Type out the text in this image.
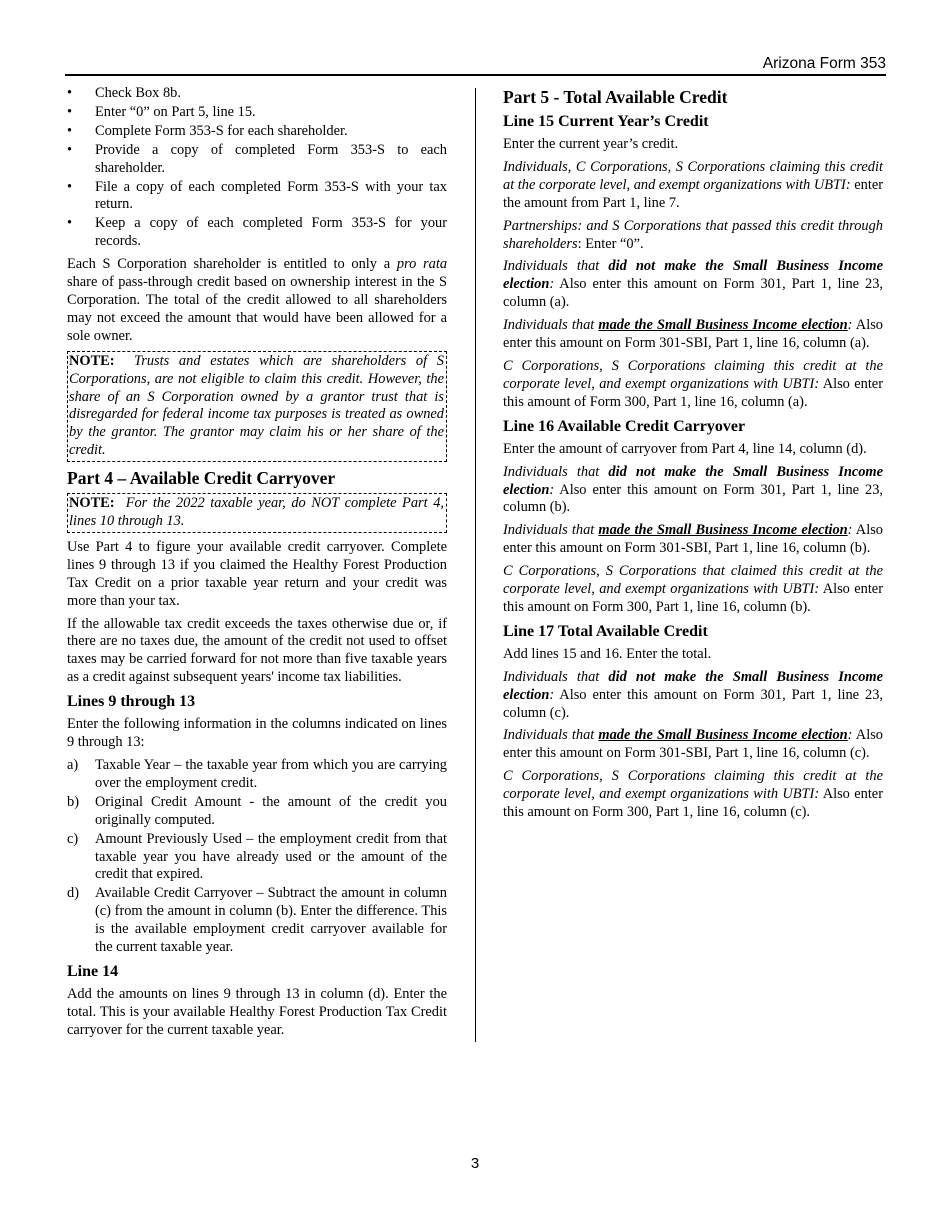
Arizona Form 353
• Check Box 8b.
• Enter “0” on Part 5, line 15.
• Complete Form 353-S for each shareholder.
• Provide a copy of completed Form 353-S to each shareholder.
• File a copy of each completed Form 353-S with your tax return.
• Keep a copy of each completed Form 353-S for your records.

Each S Corporation shareholder is entitled to only a pro rata share of pass-through credit based on ownership interest in the S Corporation. The total of the credit allowed to all shareholders may not exceed the amount that would have been allowed for a sole owner.

NOTE: Trusts and estates which are shareholders of S Corporations, are not eligible to claim this credit. However, the share of an S Corporation owned by a grantor trust that is disregarded for federal income tax purposes is treated as owned by the grantor. The grantor may claim his or her share of the credit.
Part 4 – Available Credit Carryover
NOTE: For the 2022 taxable year, do NOT complete Part 4, lines 10 through 13.

Use Part 4 to figure your available credit carryover. Complete lines 9 through 13 if you claimed the Healthy Forest Production Tax Credit on a prior taxable year return and your credit was more than your tax.

If the allowable tax credit exceeds the taxes otherwise due or, if there are no taxes due, the amount of the credit not used to offset taxes may be carried forward for not more than five taxable years as a credit against subsequent years' income tax liabilities.

Lines 9 through 13

Enter the following information in the columns indicated on lines 9 through 13:

a) Taxable Year – the taxable year from which you are carrying over the employment credit.
b) Original Credit Amount - the amount of the credit you originally computed.
c) Amount Previously Used – the employment credit from that taxable year you have already used or the amount of the credit that expired.
d) Available Credit Carryover – Subtract the amount in column (c) from the amount in column (b). Enter the difference. This is the available employment credit carryover available for the current taxable year.
Line 14

Add the amounts on lines 9 through 13 in column (d). Enter the total. This is your available Healthy Forest Production Tax Credit carryover for the current taxable year.

Part 5 - Total Available Credit
Line 15 Current Year’s Credit

Enter the current year’s credit.

Individuals, C Corporations, S Corporations claiming this credit at the corporate level, and exempt organizations with UBTI: enter the amount from Part 1, line 7.

Partnerships: and S Corporations that passed this credit through shareholders: Enter “0”.

Individuals that did not make the Small Business Income election: Also enter this amount on Form 301, Part 1, line 23, column (a).

Individuals that made the Small Business Income election: Also enter this amount on Form 301-SBI, Part 1, line 16, column (a).

C Corporations, S Corporations claiming this credit at the corporate level, and exempt organizations with UBTI: Also enter this amount of Form 300, Part 1, line 16, column (a).

Line 16 Available Credit Carryover

Enter the amount of carryover from Part 4, line 14, column (d).

Individuals that did not make the Small Business Income election: Also enter this amount on Form 301, Part 1, line 23, column (b).

Individuals that made the Small Business Income election: Also enter this amount on Form 301-SBI, Part 1, line 16, column (b).

C Corporations, S Corporations that claimed this credit at the corporate level, and exempt organizations with UBTI: Also enter this amount on Form 300, Part 1, line 16, column (b).

Line 17 Total Available Credit

Add lines 15 and 16. Enter the total.

Individuals that did not make the Small Business Income election: Also enter this amount on Form 301, Part 1, line 23, column (c).

Individuals that made the Small Business Income election: Also enter this amount on Form 301-SBI, Part 1, line 16, column (c).

C Corporations, S Corporations claiming this credit at the corporate level, and exempt organizations with UBTI: Also enter this amount on Form 300, Part 1, line 16, column (c).

3
